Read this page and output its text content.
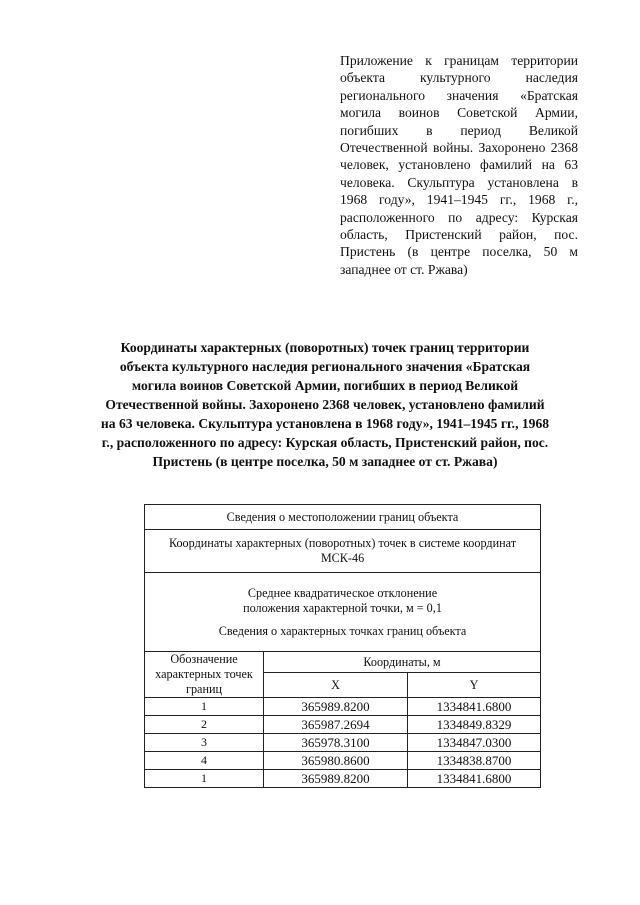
Приложение к границам территории объекта культурного наследия регионального значения «Братская могила воинов Советской Армии, погибших в период Великой Отечественной войны. Захоронено 2368 человек, установлено фамилий на 63 человека. Скульптура установлена в 1968 году», 1941–1945 гг., 1968 г., расположенного по адресу: Курская область, Пристенский район, пос. Пристень (в центре поселка, 50 м западнее от ст. Ржава)
Координаты характерных (поворотных) точек границ территории объекта культурного наследия регионального значения «Братская могила воинов Советской Армии, погибших в период Великой Отечественной войны. Захоронено 2368 человек, установлено фамилий на 63 человека. Скульптура установлена в 1968 году», 1941–1945 гг., 1968 г., расположенного по адресу: Курская область, Пристенский район, пос. Пристень (в центре поселка, 50 м западнее от ст. Ржава)
Сведения о местоположении границ объекта		
Координаты характерных (поворотных) точек в системе координат МСК-46		

Среднее квадратическое отклонение
положения характерной точки, м = 0,1
Сведения о характерных точках границ объекта		

Обозначение характерных точек границ	Координаты, м	
	X	Y
1	365989.8200	1334841.6800
2	365987.2694	1334849.8329
3	365978.3100	1334847.0300
4	365980.8600	1334838.8700
1	365989.8200	1334841.6800
